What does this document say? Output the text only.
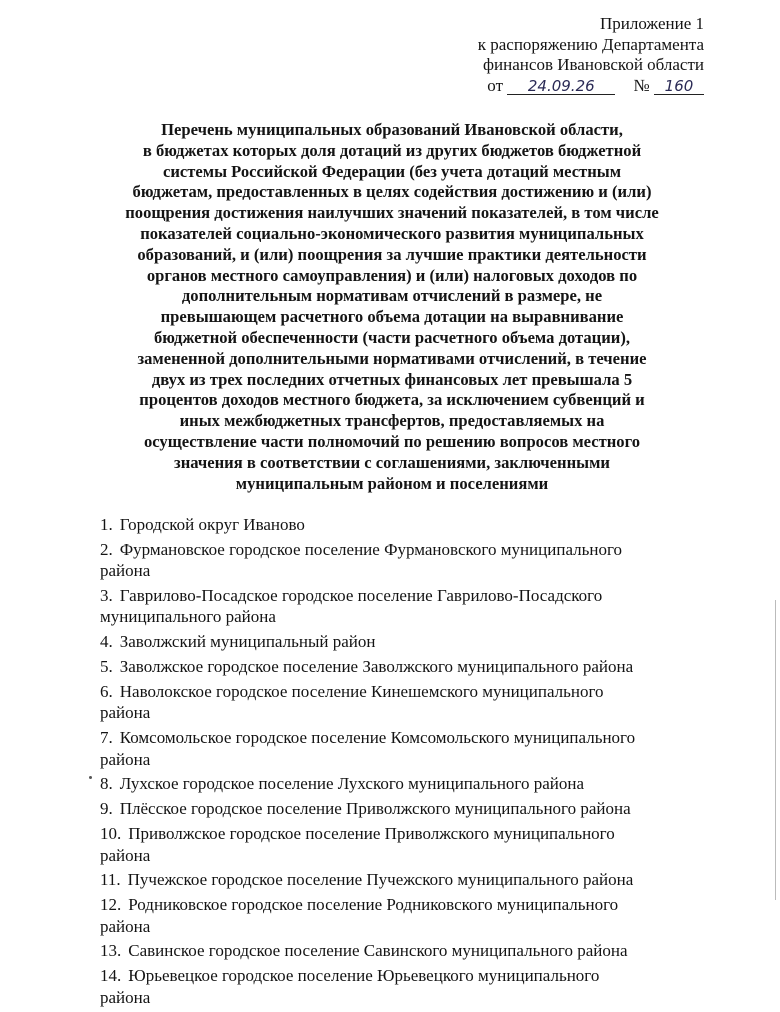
Приложение 1
к распоряжению Департамента
финансов Ивановской области
от 24.09.26 № 160
Перечень муниципальных образований Ивановской области,
в бюджетах которых доля дотаций из других бюджетов бюджетной
системы Российской Федерации (без учета дотаций местным
бюджетам, предоставленных в целях содействия достижению и (или)
поощрения достижения наилучших значений показателей, в том числе
показателей социально-экономического развития муниципальных
образований, и (или) поощрения за лучшие практики деятельности
органов местного самоуправления) и (или) налоговых доходов по
дополнительным нормативам отчислений в размере, не
превышающем расчетного объема дотации на выравнивание
бюджетной обеспеченности (части расчетного объема дотации),
замененной дополнительными нормативами отчислений, в течение
двух из трех последних отчетных финансовых лет превышала 5
процентов доходов местного бюджета, за исключением субвенций и
иных межбюджетных трансфертов, предоставляемых на
осуществление части полномочий по решению вопросов местного
значения в соответствии с соглашениями, заключенными
муниципальным районом и поселениями
1. Городской округ Иваново
2. Фурмановское городское поселение Фурмановского муниципального
района
3. Гаврилово-Посадское городское поселение Гаврилово-Посадского
муниципального района
4. Заволжский муниципальный район
5. Заволжское городское поселение Заволжского муниципального района
6. Наволокское городское поселение Кинешемского муниципального
района
7. Комсомольское городское поселение Комсомольского муниципального
района
8. Лухское городское поселение Лухского муниципального района
9. Плёсское городское поселение Приволжского муниципального района
10. Приволжское городское поселение Приволжского муниципального
района
11. Пучежское городское поселение Пучежского муниципального района
12. Родниковское городское поселение Родниковского муниципального
района
13. Савинское городское поселение Савинского муниципального района
14. Юрьевецкое городское поселение Юрьевецкого муниципального
района
